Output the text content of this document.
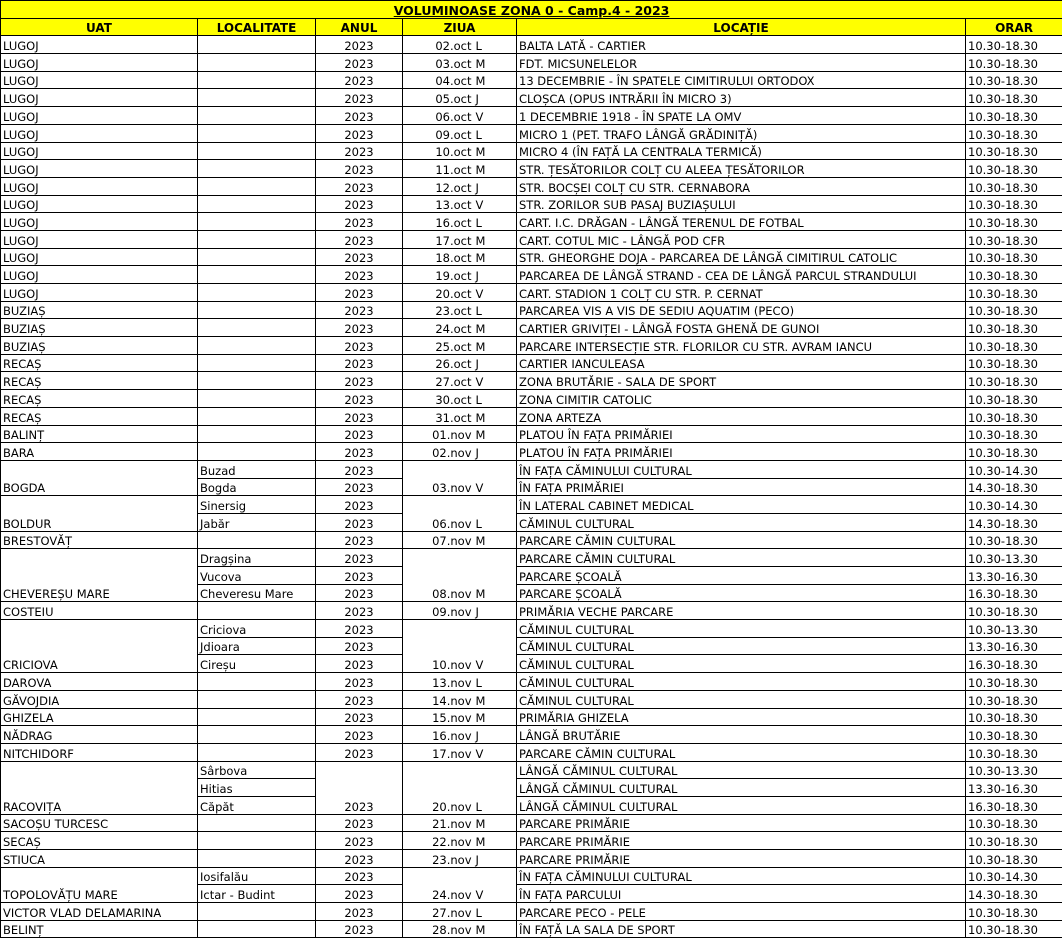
VOLUMINOASE ZONA 0 - Camp.4 - 2023						
UAT	LOCALITATE	ANUL	ZIUA		LOCAȚIE	ORAR
LUGOJ		2023	02.oct	L	BALTA LATĂ - CARTIER	10.30-18.30
LUGOJ		2023	03.oct	M	FDT. MICSUNELELOR	10.30-18.30
LUGOJ		2023	04.oct	M	13 DECEMBRIE - ÎN SPATELE CIMITIRULUI ORTODOX	10.30-18.30
LUGOJ		2023	05.oct	J	CLOȘCA (OPUS INTRĂRII ÎN MICRO 3)	10.30-18.30
LUGOJ		2023	06.oct	V	1 DECEMBRIE 1918 - ÎN SPATE LA OMV	10.30-18.30
LUGOJ		2023	09.oct	L	MICRO 1 (PET. TRAFO LÂNGĂ GRĂDINIȚĂ)	10.30-18.30
LUGOJ		2023	10.oct	M	MICRO 4 (ÎN FAȚĂ LA CENTRALA TERMICĂ)	10.30-18.30
LUGOJ		2023	11.oct	M	STR. ȚESĂTORILOR COLȚ CU ALEEA ȚESĂTORILOR	10.30-18.30
LUGOJ		2023	12.oct	J	STR. BOCȘEI COLȚ CU STR. CERNABORA	10.30-18.30
LUGOJ		2023	13.oct	V	STR. ZORILOR SUB PASAJ BUZIAȘULUI	10.30-18.30
LUGOJ		2023	16.oct	L	CART. I.C. DRĂGAN - LÂNGĂ TERENUL DE FOTBAL	10.30-18.30
LUGOJ		2023	17.oct	M	CART. COTUL MIC - LÂNGĂ POD CFR	10.30-18.30
LUGOJ		2023	18.oct	M	STR. GHEORGHE DOJA - PARCAREA DE LÂNGĂ CIMITIRUL CATOLIC	10.30-18.30
LUGOJ		2023	19.oct	J	PARCAREA DE LÂNGĂ STRAND - CEA DE LÂNGĂ PARCUL STRANDULUI	10.30-18.30
LUGOJ		2023	20.oct	V	CART. STADION 1 COLȚ CU STR. P. CERNAT	10.30-18.30
BUZIAȘ		2023	23.oct	L	PARCAREA VIS A VIS DE SEDIU AQUATIM (PECO)	10.30-18.30
BUZIAȘ		2023	24.oct	M	CARTIER GRIVIȚEI - LÂNGĂ FOSTA GHENĂ DE GUNOI	10.30-18.30
BUZIAȘ		2023	25.oct	M	PARCARE INTERSECȚIE STR. FLORILOR CU STR. AVRAM IANCU	10.30-18.30
RECAȘ		2023	26.oct	J	CARTIER IANCULEASA	10.30-18.30
RECAȘ		2023	27.oct	V	ZONA BRUTĂRIE - SALA DE SPORT	10.30-18.30
RECAȘ		2023	30.oct	L	ZONA CIMITIR CATOLIC	10.30-18.30
RECAȘ		2023	31.oct	M	ZONA ARTEZA	10.30-18.30
BALINȚ		2023	01.nov	M	PLATOU ÎN FAȚA PRIMĂRIEI	10.30-18.30
BARA		2023	02.nov	J	PLATOU ÎN FAȚA PRIMĂRIEI	10.30-18.30
BOGDA	Buzad	2023	03.nov	V	ÎN FAȚA CĂMINULUI CULTURAL	10.30-14.30
	Bogda	2023			ÎN FAȚA PRIMĂRIEI	14.30-18.30
BOLDUR	Sinersig	2023	06.nov	L	ÎN LATERAL CABINET MEDICAL	10.30-14.30
	Jabăr	2023			CĂMINUL CULTURAL	14.30-18.30
BRESTOVĂȚ		2023	07.nov	M	PARCARE CĂMIN CULTURAL	10.30-18.30
CHEVEREȘU MARE	Dragșina	2023	08.nov	M	PARCARE CĂMIN CULTURAL	10.30-13.30
	Vucova	2023			PARCARE ȘCOALĂ	13.30-16.30
	Cheveresu Mare	2023			PARCARE ȘCOALĂ	16.30-18.30
COSTEIU		2023	09.nov	J	PRIMĂRIA VECHE PARCARE	10.30-18.30
CRICIOVA	Criciova	2023	10.nov	V	CĂMINUL CULTURAL	10.30-13.30
	Jdioara	2023			CĂMINUL CULTURAL	13.30-16.30
	Cireșu	2023			CĂMINUL CULTURAL	16.30-18.30
DAROVA		2023	13.nov	L	CĂMINUL CULTURAL	10.30-18.30
GĂVOJDIA		2023	14.nov	M	CĂMINUL CULTURAL	10.30-18.30
GHIZELA		2023	15.nov	M	PRIMĂRIA GHIZELA	10.30-18.30
NĂDRAG		2023	16.nov	J	LÂNGĂ BRUTĂRIE	10.30-18.30
NITCHIDORF		2023	17.nov	V	PARCARE CĂMIN CULTURAL	10.30-18.30
RACOVIȚA	Sârbova	2023	20.nov	L	LÂNGĂ CĂMINUL CULTURAL	10.30-13.30
	Hitias				LÂNGĂ CĂMINUL CULTURAL	13.30-16.30
	Căpăt				LÂNGĂ CĂMINUL CULTURAL	16.30-18.30
SACOȘU TURCESC		2023	21.nov	M	PARCARE PRIMĂRIE	10.30-18.30
SECAȘ		2023	22.nov	M	PARCARE PRIMĂRIE	10.30-18.30
STIUCA		2023	23.nov	J	PARCARE PRIMĂRIE	10.30-18.30
TOPOLOVĂȚU MARE	Iosifalău	2023	24.nov	V	ÎN FAȚA CĂMINULUI CULTURAL	10.30-14.30
	Ictar - Budint	2023			ÎN FAȚA PARCULUI	14.30-18.30
VICTOR VLAD DELAMARINA		2023	27.nov	L	PARCARE PECO - PELE	10.30-18.30
BELINȚ		2023	28.nov	M	ÎN FAȚĂ LA SALA DE SPORT	10.30-18.30
